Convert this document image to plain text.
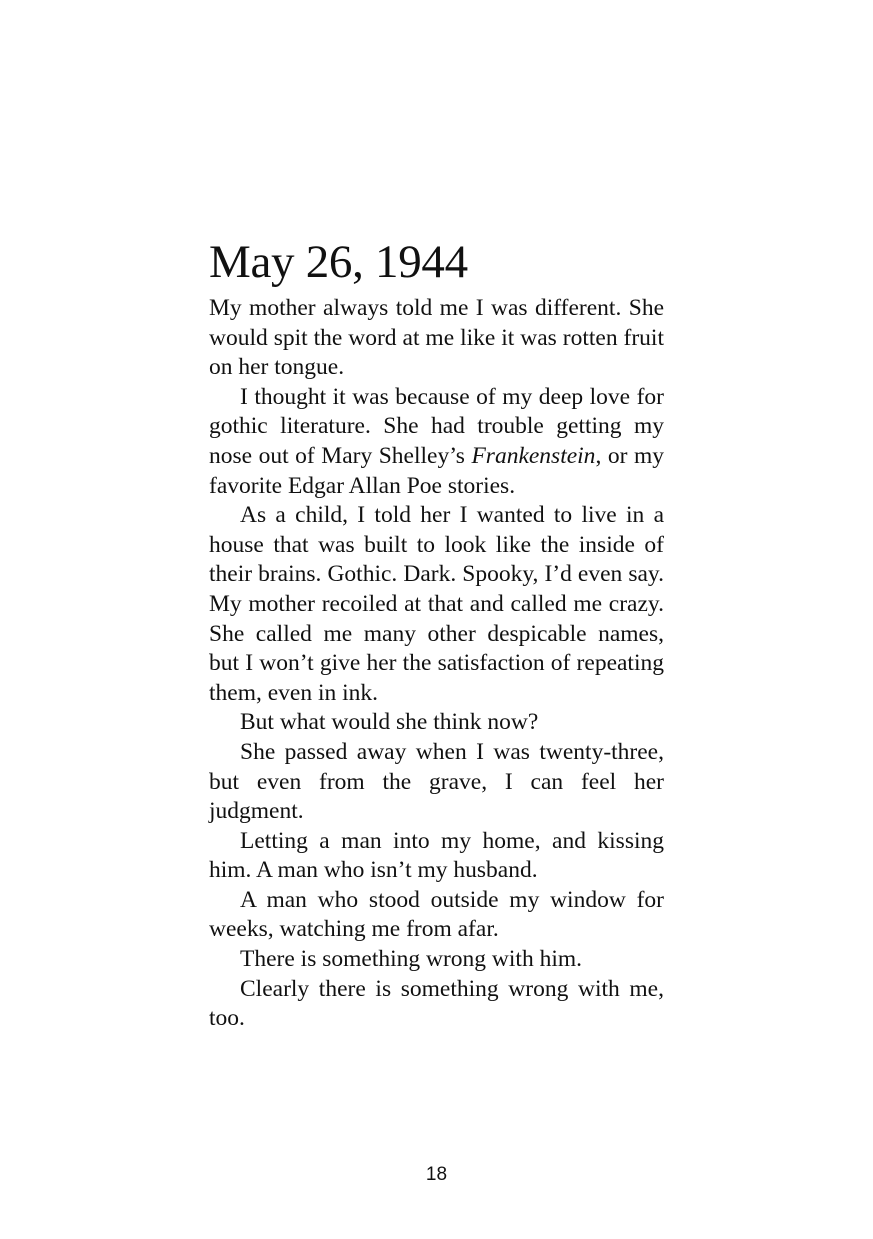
May 26, 1944

My mother always told me I was different. She would spit the word at me like it was rotten fruit on her tongue.

I thought it was because of my deep love for gothic literature. She had trouble getting my nose out of Mary Shelley’s Frankenstein, or my favorite Edgar Allan Poe stories.

As a child, I told her I wanted to live in a house that was built to look like the inside of their brains. Gothic. Dark. Spooky, I’d even say. My mother recoiled at that and called me crazy. She called me many other despicable names, but I won’t give her the satisfaction of repeating them, even in ink.

But what would she think now?

She passed away when I was twenty-three, but even from the grave, I can feel her judgment.

Letting a man into my home, and kissing him. A man who isn’t my husband.

A man who stood outside my window for weeks, watching me from afar.

There is something wrong with him.

Clearly there is something wrong with me, too.

18
